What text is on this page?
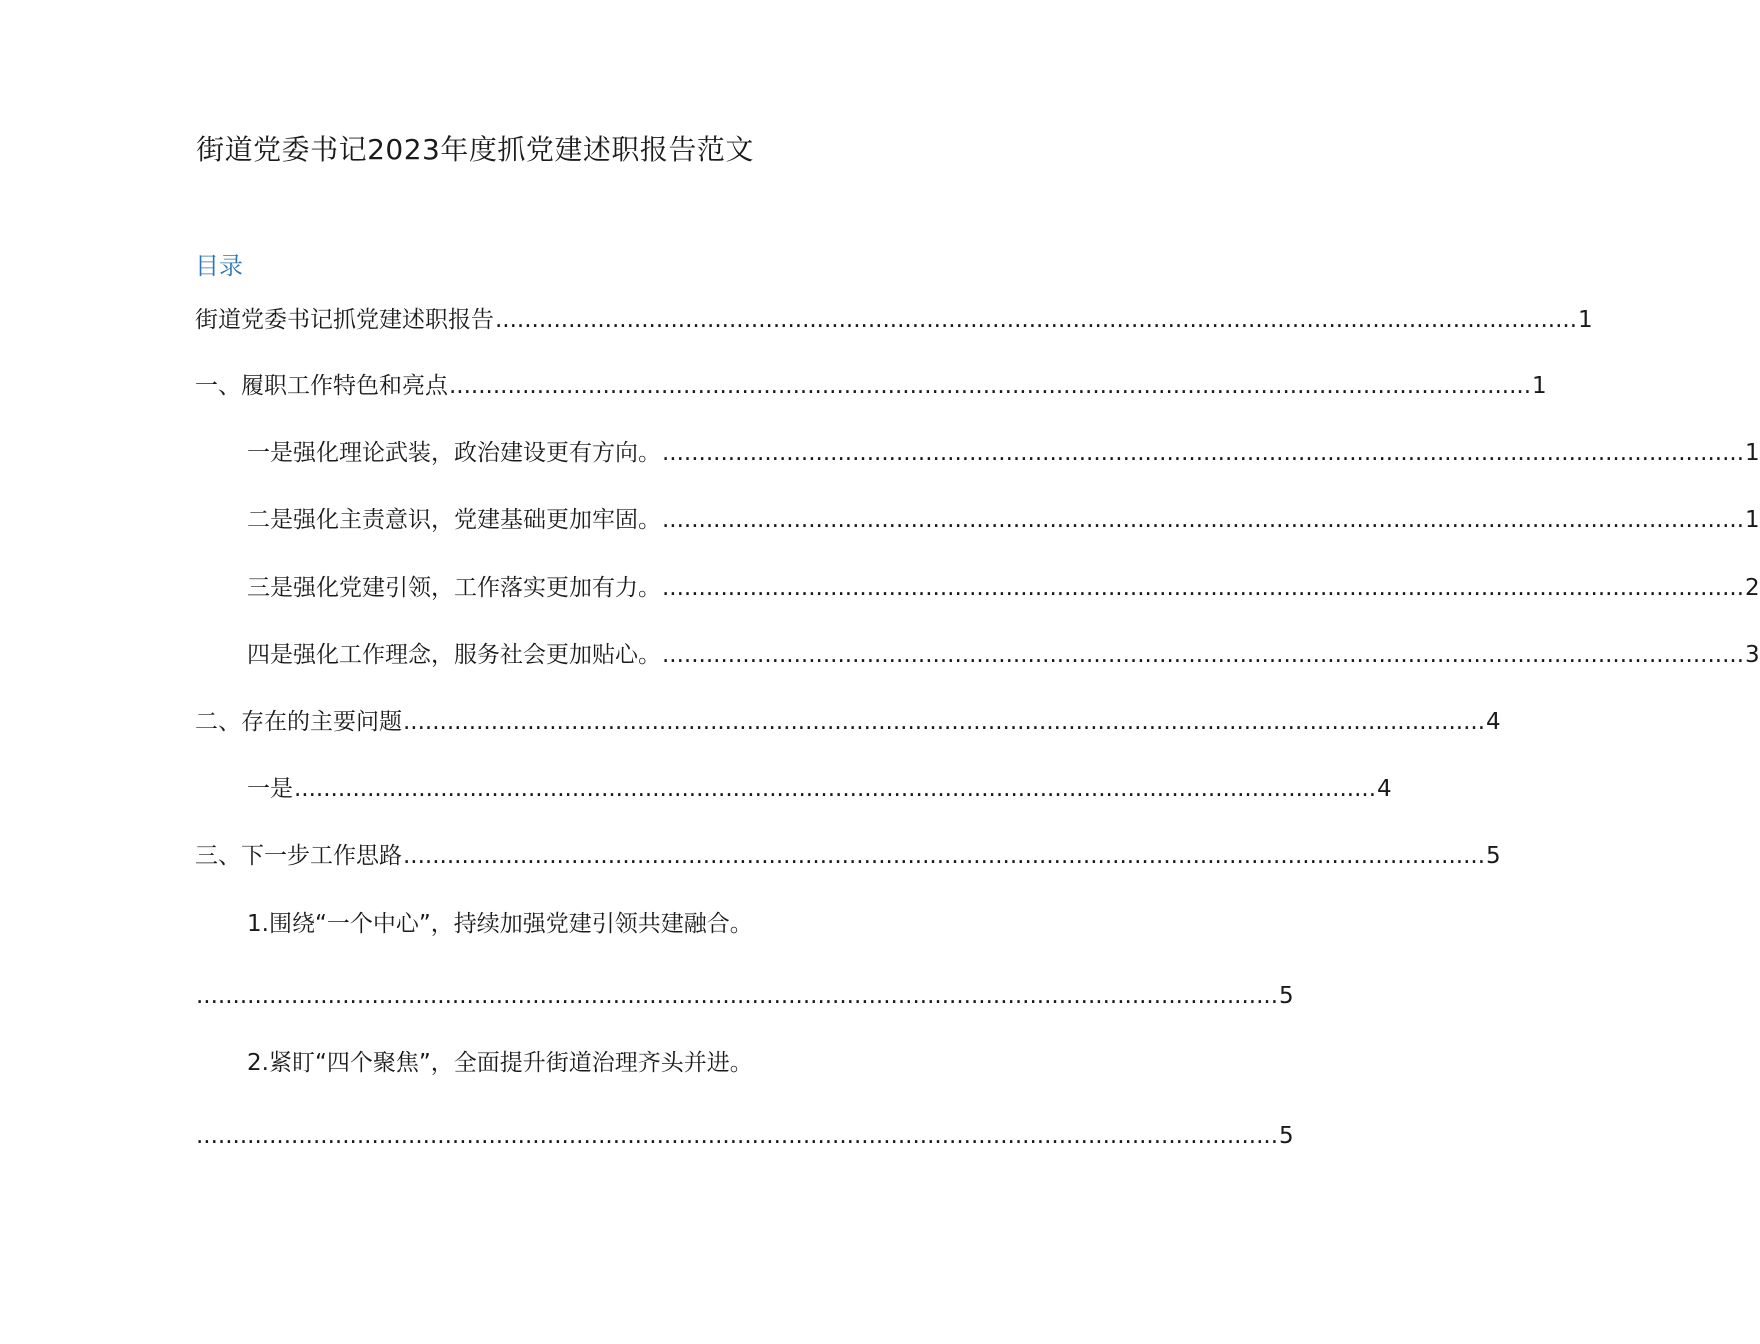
街道党委书记2023年度抓党建述职报告范文
目录
街道党委书记抓党建述职报告 .................................................................................................................................................... 1
一、履职工作特色和亮点 .................................................................................................................................................... 1
一是强化理论武装，政治建设更有方向。 .................................................................................................................................................... 1
二是强化主责意识，党建基础更加牢固。 .................................................................................................................................................... 1
三是强化党建引领，工作落实更加有力。 .................................................................................................................................................... 2
四是强化工作理念，服务社会更加贴心。 .................................................................................................................................................... 3
二、存在的主要问题 .................................................................................................................................................... 4
一是 .................................................................................................................................................... 4
三、下一步工作思路 .................................................................................................................................................... 5
1.围绕“一个中心”，持续加强党建引领共建融合。
.................................................................................................................................................... 5
2.紧盯“四个聚焦”，全面提升街道治理齐头并进。
.................................................................................................................................................... 5
